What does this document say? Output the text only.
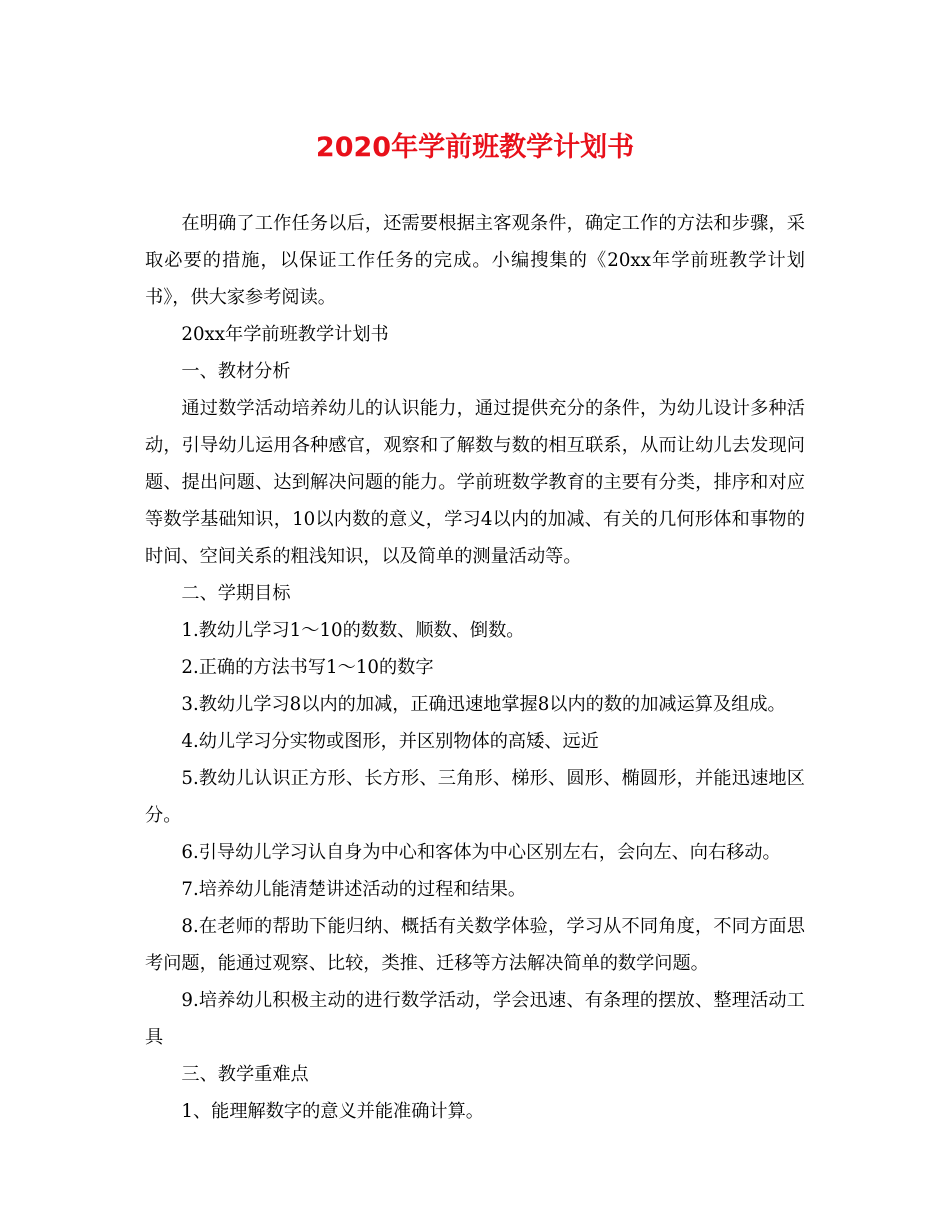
2020年学前班教学计划书

在明确了工作任务以后，还需要根据主客观条件，确定工作的方法和步骤，采取必要的措施，以保证工作任务的完成。小编搜集的《20xx年学前班教学计划书》，供大家参考阅读。

20xx年学前班教学计划书

一、教材分析

通过数学活动培养幼儿的认识能力，通过提供充分的条件，为幼儿设计多种活动，引导幼儿运用各种感官，观察和了解数与数的相互联系，从而让幼儿去发现问题、提出问题、达到解决问题的能力。学前班数学教育的主要有分类，排序和对应等数学基础知识，10以内数的意义，学习4以内的加减、有关的几何形体和事物的时间、空间关系的粗浅知识，以及简单的测量活动等。

二、学期目标

1.教幼儿学习1～10的数数、顺数、倒数。

2.正确的方法书写1～10的数字

3.教幼儿学习8以内的加减，正确迅速地掌握8以内的数的加减运算及组成。

4.幼儿学习分实物或图形，并区别物体的高矮、远近

5.教幼儿认识正方形、长方形、三角形、梯形、圆形、椭圆形，并能迅速地区分。

6.引导幼儿学习认自身为中心和客体为中心区别左右，会向左、向右移动。

7.培养幼儿能清楚讲述活动的过程和结果。

8.在老师的帮助下能归纳、概括有关数学体验，学习从不同角度，不同方面思考问题，能通过观察、比较，类推、迁移等方法解决简单的数学问题。

9.培养幼儿积极主动的进行数学活动，学会迅速、有条理的摆放、整理活动工具

三、教学重难点

1、能理解数字的意义并能准确计算。
